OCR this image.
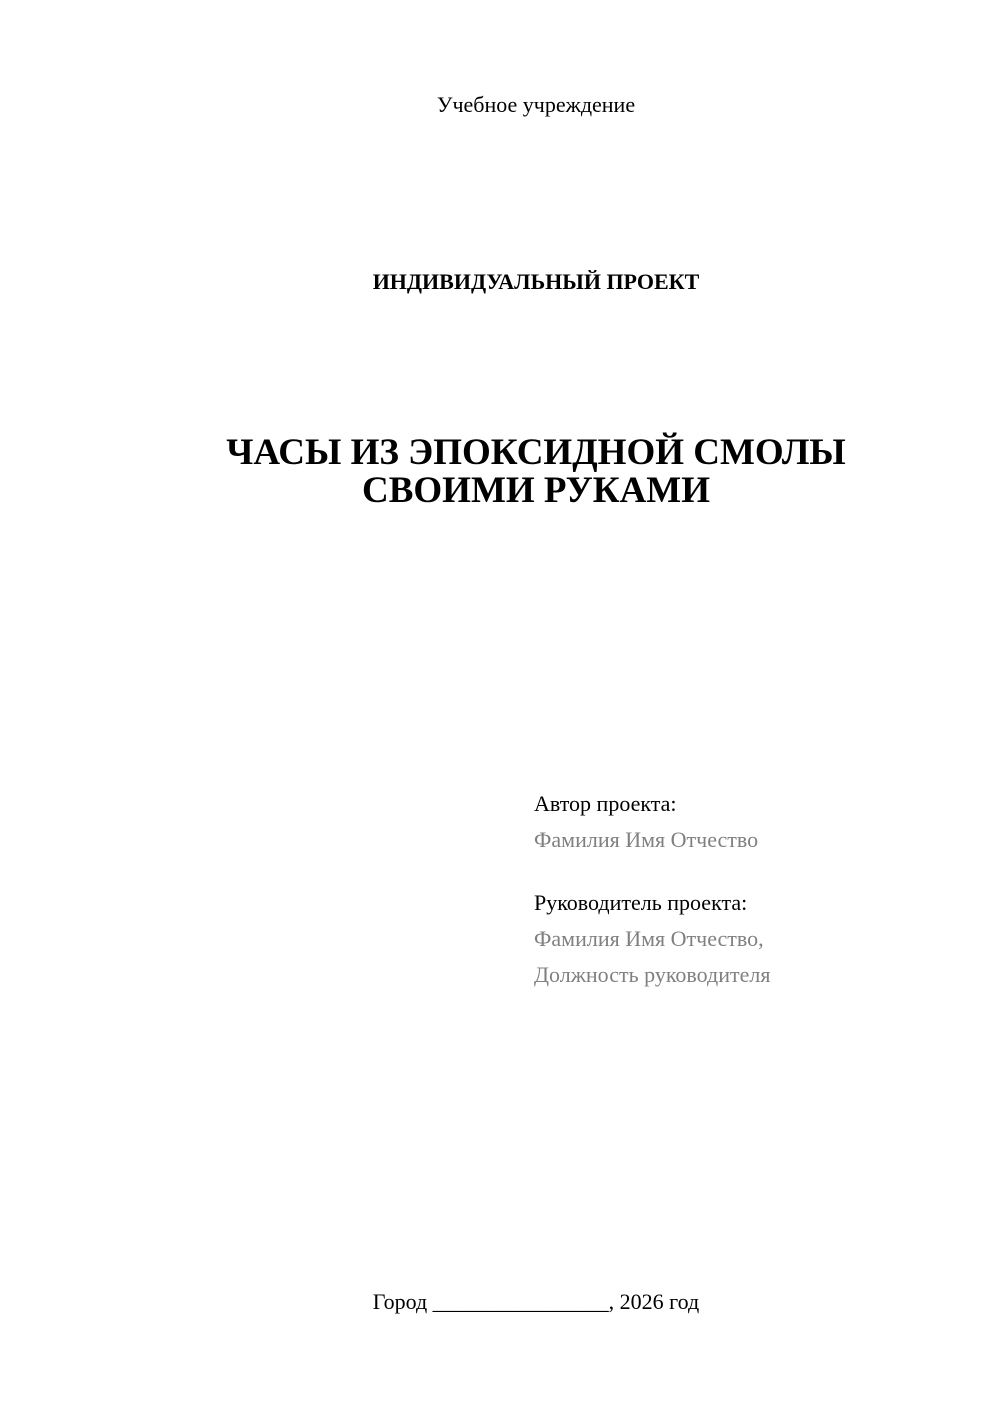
Учебное учреждение
ИНДИВИДУАЛЬНЫЙ ПРОЕКТ
ЧАСЫ ИЗ ЭПОКСИДНОЙ СМОЛЫ
СВОИМИ РУКАМИ
Автор проекта:
Фамилия Имя Отчество
Руководитель проекта:
Фамилия Имя Отчество,
Должность руководителя
Город ________________, 2026 год
